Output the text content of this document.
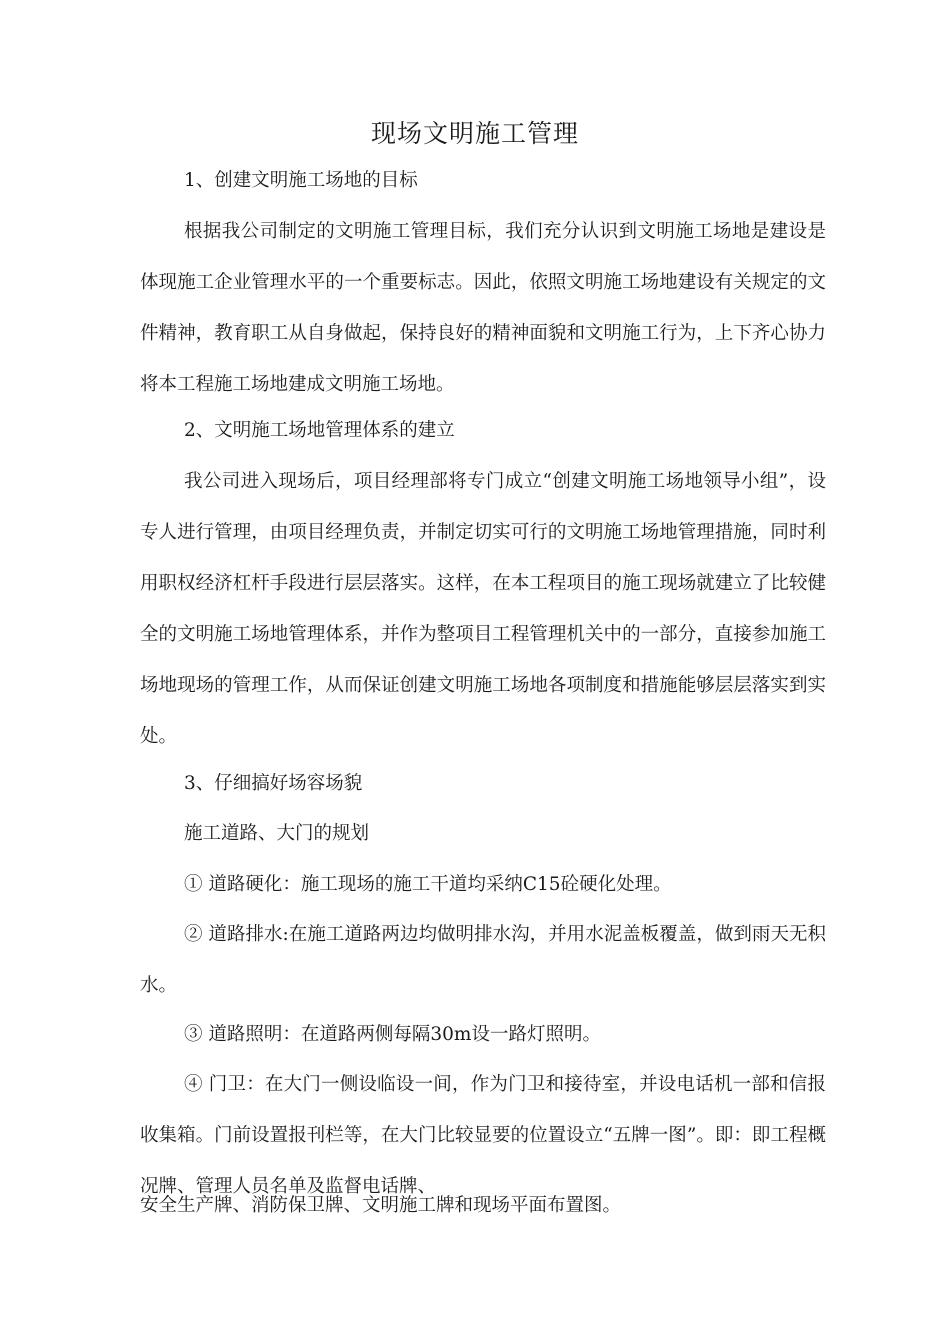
现场文明施工管理

1、创建文明施工场地的目标

根据我公司制定的文明施工管理目标，我们充分认识到文明施工场地是建设是体现施工企业管理水平的一个重要标志。因此，依照文明施工场地建设有关规定的文件精神，教育职工从自身做起，保持良好的精神面貌和文明施工行为，上下齐心协力将本工程施工场地建成文明施工场地。

2、文明施工场地管理体系的建立

我公司进入现场后，项目经理部将专门成立“创建文明施工场地领导小组”，设专人进行管理，由项目经理负责，并制定切实可行的文明施工场地管理措施，同时利用职权经济杠杆手段进行层层落实。这样，在本工程项目的施工现场就建立了比较健全的文明施工场地管理体系，并作为整项目工程管理机关中的一部分，直接参加施工场地现场的管理工作，从而保证创建文明施工场地各项制度和措施能够层层落实到实处。

3、仔细搞好场容场貌

施工道路、大门的规划

① 道路硬化：施工现场的施工干道均采纳C15砼硬化处理。

② 道路排水:在施工道路两边均做明排水沟，并用水泥盖板覆盖，做到雨天无积水。

③ 道路照明：在道路两侧每隔30m设一路灯照明。

④ 门卫：在大门一侧设临设一间，作为门卫和接待室，并设电话机一部和信报收集箱。门前设置报刊栏等，在大门比较显要的位置设立“五牌一图”。即：即工程概况牌、管理人员名单及监督电话牌、

安全生产牌、消防保卫牌、文明施工牌和现场平面布置图。
